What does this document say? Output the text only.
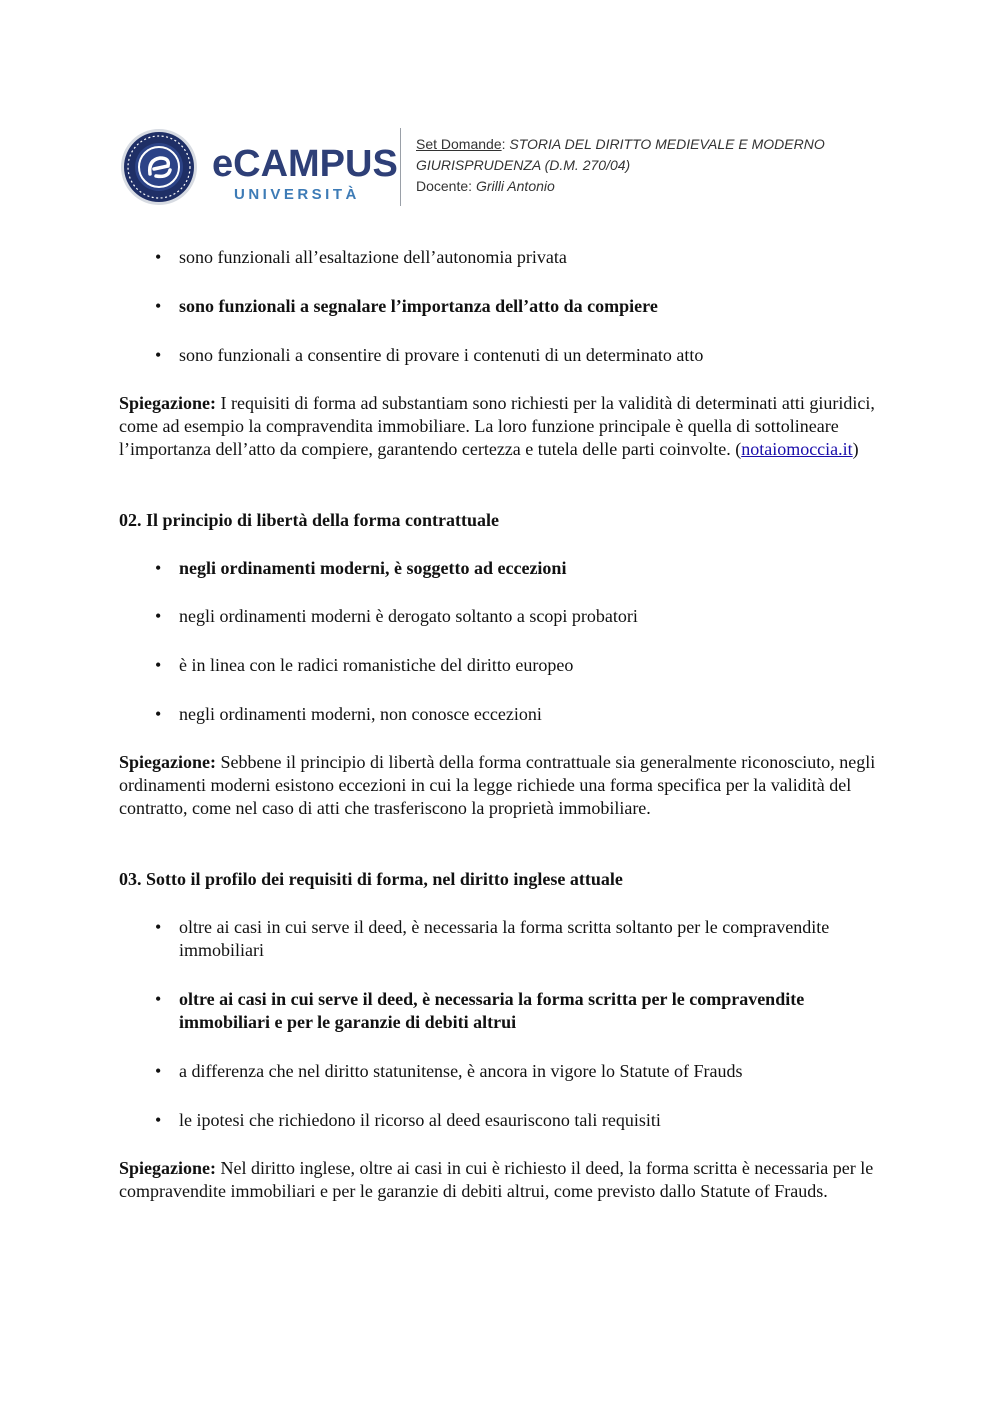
eCAMPUS
UNIVERSITÀ
Set Domande: STORIA DEL DIRITTO MEDIEVALE E MODERNO
GIURISPRUDENZA (D.M. 270/04)
Docente: Grilli Antonio
• sono funzionali all’esaltazione dell’autonomia privata
• sono funzionali a segnalare l’importanza dell’atto da compiere
• sono funzionali a consentire di provare i contenuti di un determinato atto
Spiegazione: I requisiti di forma ad substantiam sono richiesti per la validità di determinati atti giuridici, come ad esempio la compravendita immobiliare. La loro funzione principale è quella di sottolineare l’importanza dell’atto da compiere, garantendo certezza e tutela delle parti coinvolte. (notaiomoccia.it)
02. Il principio di libertà della forma contrattuale
• negli ordinamenti moderni, è soggetto ad eccezioni
• negli ordinamenti moderni è derogato soltanto a scopi probatori
• è in linea con le radici romanistiche del diritto europeo
• negli ordinamenti moderni, non conosce eccezioni
Spiegazione: Sebbene il principio di libertà della forma contrattuale sia generalmente riconosciuto, negli ordinamenti moderni esistono eccezioni in cui la legge richiede una forma specifica per la validità del contratto, come nel caso di atti che trasferiscono la proprietà immobiliare.
03. Sotto il profilo dei requisiti di forma, nel diritto inglese attuale
• oltre ai casi in cui serve il deed, è necessaria la forma scritta soltanto per le compravendite immobiliari
• oltre ai casi in cui serve il deed, è necessaria la forma scritta per le compravendite immobiliari e per le garanzie di debiti altrui
• a differenza che nel diritto statunitense, è ancora in vigore lo Statute of Frauds
• le ipotesi che richiedono il ricorso al deed esauriscono tali requisiti
Spiegazione: Nel diritto inglese, oltre ai casi in cui è richiesto il deed, la forma scritta è necessaria per le compravendite immobiliari e per le garanzie di debiti altrui, come previsto dallo Statute of Frauds.
